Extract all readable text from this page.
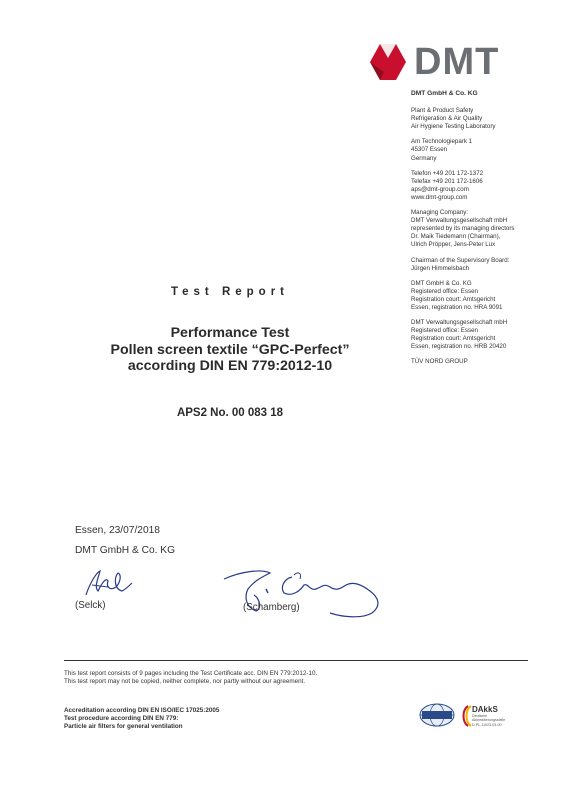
DMT
DMT GmbH & Co. KG
Plant & Product Safety
Refrigeration & Air Quality
Air Hygiene Testing Laboratory
Am Technologiepark 1
45307 Essen
Germany
Telefon +49 201 172-1372
Telefax +49 201 172-1606
aps@dmt-group.com
www.dmt-group.com
Managing Company:
DMT Verwaltungsgesellschaft mbH
represented by its managing directors
Dr. Maik Tiedemann (Chairman),
Ulrich Pröpper, Jens-Peter Lux
Chairman of the Supervisory Board:
Jürgen Himmelsbach
DMT GmbH & Co. KG
Registered office: Essen
Registration court: Amtsgericht
Essen, registration no. HRA 9091
DMT Verwaltungsgesellschaft mbH
Registered office: Essen
Registration court: Amtsgericht
Essen, registration no. HRB 20420
TÜV NORD GROUP
Test Report
Performance Test
Pollen screen textile “GPC-Perfect”
according DIN EN 779:2012-10
APS2 No. 00 083 18
Essen, 23/07/2018
DMT GmbH & Co. KG
(Selck)	(Schamberg)
This test report consists of 9 pages including the Test Certificate acc. DIN EN 779:2012-10.
This test report may not be copied, neither complete, nor partly without our agreement.
Accreditation according DIN EN ISO/IEC 17025:2005
Test procedure according DIN EN 779:
Particle air filters for general ventilation
DAkkS
Deutsche
Akkreditierungsstelle
D-PL-11023-03-00
